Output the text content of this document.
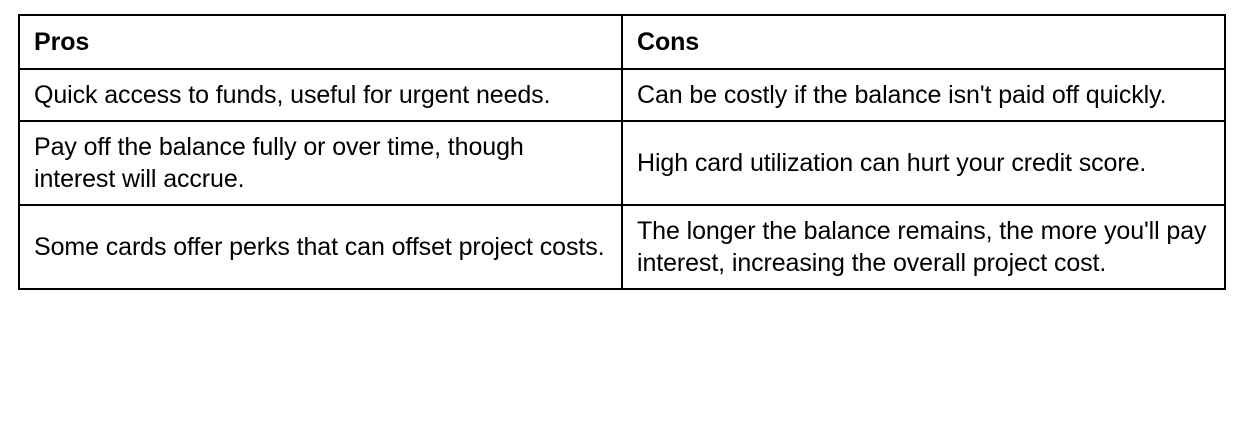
Pros	Cons
Quick access to funds, useful for urgent needs.	Can be costly if the balance isn't paid off quickly.
Pay off the balance fully or over time, though interest will accrue.	High card utilization can hurt your credit score.
Some cards offer perks that can offset project costs.	The longer the balance remains, the more you'll pay interest, increasing the overall project cost.
